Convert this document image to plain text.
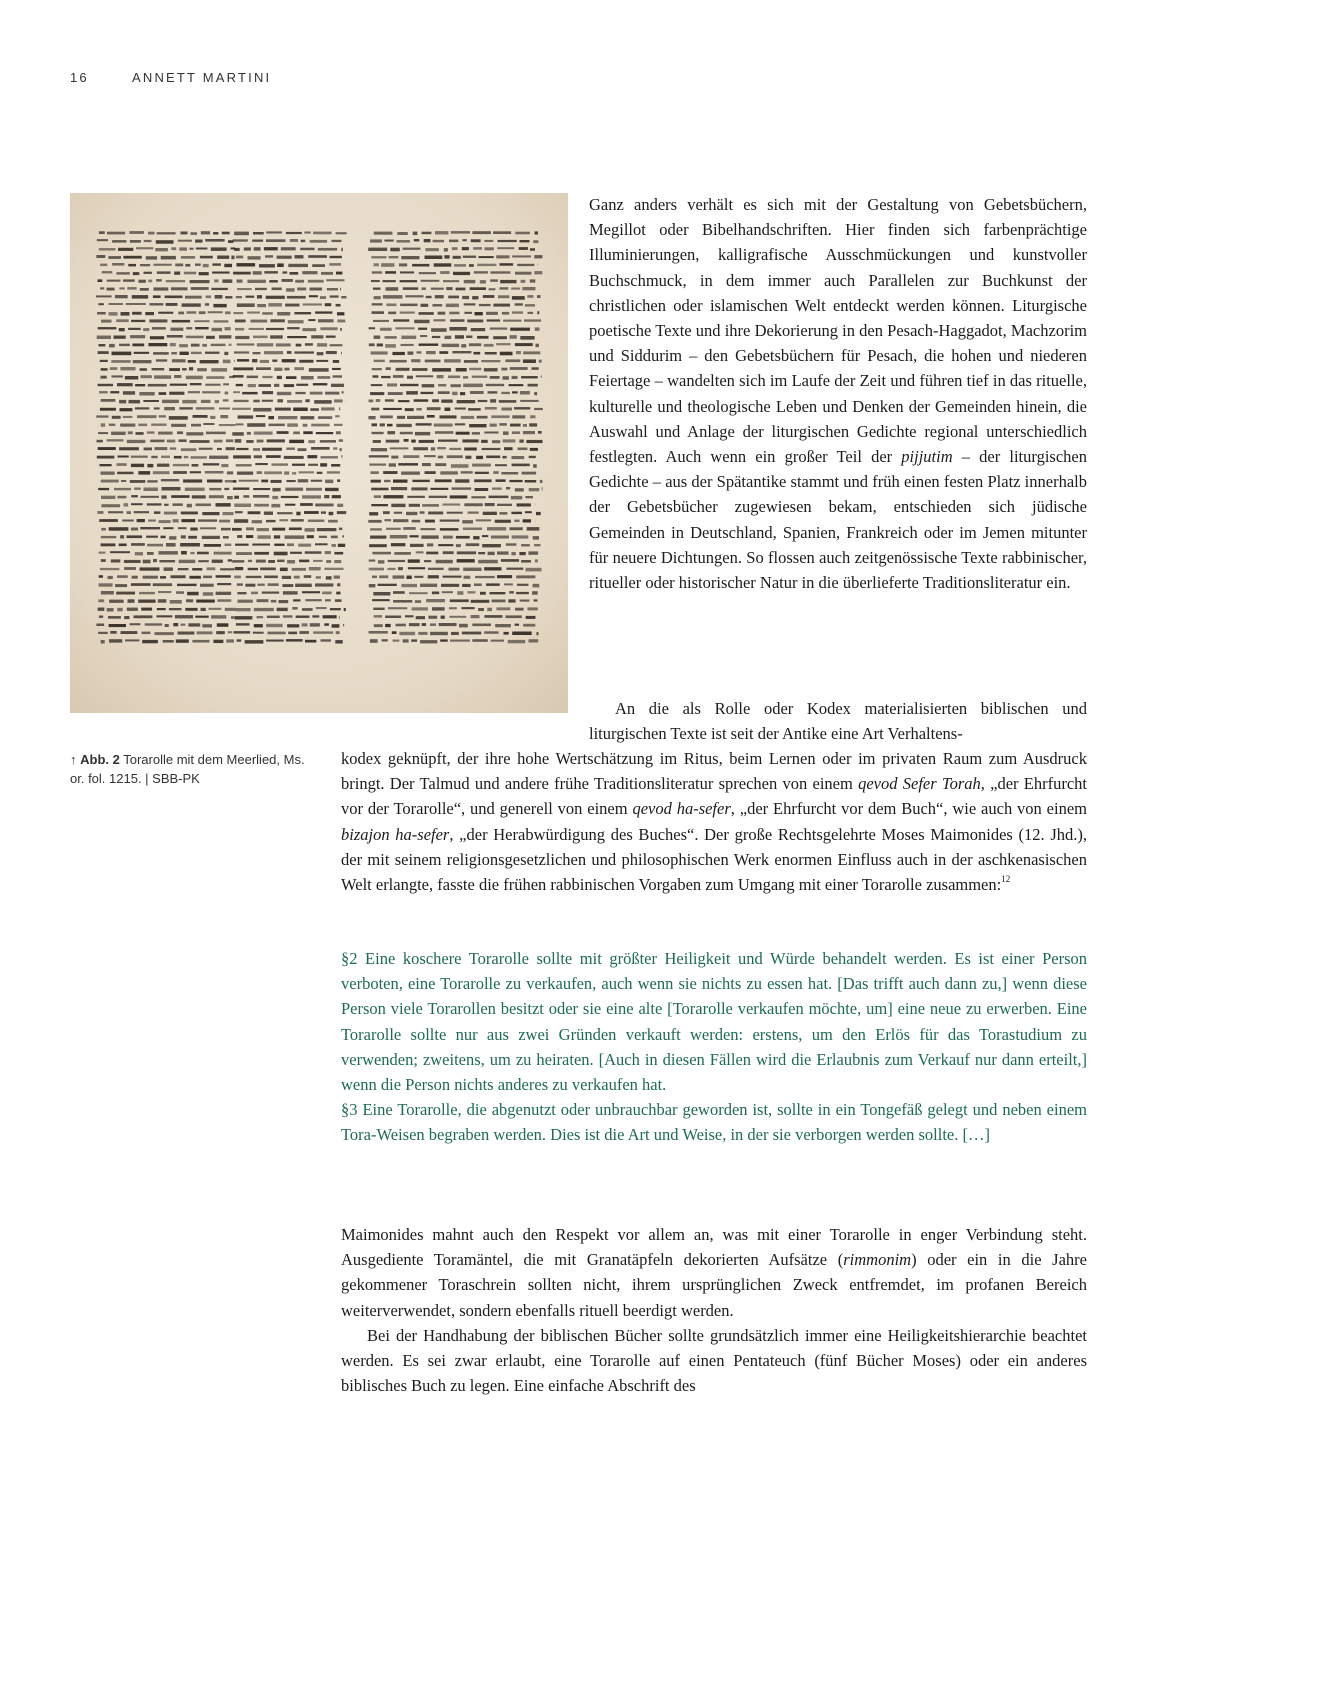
16	ANNETT MARTINI
↑ Abb. 2 Torarolle mit dem Meerlied, Ms. or. fol. 1215. | SBB-PK

Ganz anders verhält es sich mit der Gestaltung von Gebetsbüchern, Megillot oder Bibelhandschriften. Hier finden sich farbenprächtige Illuminierungen, kalligrafische Ausschmückungen und kunstvoller Buchschmuck, in dem immer auch Parallelen zur Buchkunst der christlichen oder islamischen Welt entdeckt werden können. Liturgische poetische Texte und ihre Dekorierung in den Pesach-Haggadot, Machzorim und Siddurim – den Gebetsbüchern für Pesach, die hohen und niederen Feiertage – wandelten sich im Laufe der Zeit und führen tief in das rituelle, kulturelle und theologische Leben und Denken der Gemeinden hinein, die Auswahl und Anlage der liturgischen Gedichte regional unterschiedlich festlegten. Auch wenn ein großer Teil der pijjutim – der liturgischen Gedichte – aus der Spätantike stammt und früh einen festen Platz innerhalb der Gebetsbücher zugewiesen bekam, entschieden sich jüdische Gemeinden in Deutschland, Spanien, Frankreich oder im Jemen mitunter für neuere Dichtungen. So flossen auch zeitgenössische Texte rabbinischer, ritueller oder historischer Natur in die überlieferte Traditionsliteratur ein.

An die als Rolle oder Kodex materialisierten biblischen und liturgischen Texte ist seit der Antike eine Art Verhaltens-

kodex geknüpft, der ihre hohe Wertschätzung im Ritus, beim Lernen oder im privaten Raum zum Ausdruck bringt. Der Talmud und andere frühe Traditionsliteratur sprechen von einem qevod Sefer Torah, „der Ehrfurcht vor der Torarolle“, und generell von einem qevod ha-sefer, „der Ehrfurcht vor dem Buch“, wie auch von einem bizajon ha-sefer, „der Herabwürdigung des Buches“. Der große Rechtsgelehrte Moses Maimonides (12. Jhd.), der mit seinem religionsgesetzlichen und philosophischen Werk enormen Einfluss auch in der aschkenasischen Welt erlangte, fasste die frühen rabbinischen Vorgaben zum Umgang mit einer Torarolle zusammen:$^{12}$

§2 Eine koschere Torarolle sollte mit größter Heiligkeit und Würde behandelt werden. Es ist einer Person verboten, eine Torarolle zu verkaufen, auch wenn sie nichts zu essen hat. [Das trifft auch dann zu,] wenn diese Person viele Torarollen besitzt oder sie eine alte [Torarolle verkaufen möchte, um] eine neue zu erwerben. Eine Torarolle sollte nur aus zwei Gründen verkauft werden: erstens, um den Erlös für das Torastudium zu verwenden; zweitens, um zu heiraten. [Auch in diesen Fällen wird die Erlaubnis zum Verkauf nur dann erteilt,] wenn die Person nichts anderes zu verkaufen hat.
§3 Eine Torarolle, die abgenutzt oder unbrauchbar geworden ist, sollte in ein Tongefäß gelegt und neben einem Tora-Weisen begraben werden. Dies ist die Art und Weise, in der sie verborgen werden sollte. […]

Maimonides mahnt auch den Respekt vor allem an, was mit einer Torarolle in enger Verbindung steht. Ausgediente Toramäntel, die mit Granatäpfeln dekorierten Aufsätze (rimmonim) oder ein in die Jahre gekommener Toraschrein sollten nicht, ihrem ursprünglichen Zweck entfremdet, im profanen Bereich weiterverwendet, sondern ebenfalls rituell beerdigt werden.

Bei der Handhabung der biblischen Bücher sollte grundsätzlich immer eine Heiligkeitshierarchie beachtet werden. Es sei zwar erlaubt, eine Torarolle auf einen Pentateuch (fünf Bücher Moses) oder ein anderes biblisches Buch zu legen. Eine einfache Abschrift des
